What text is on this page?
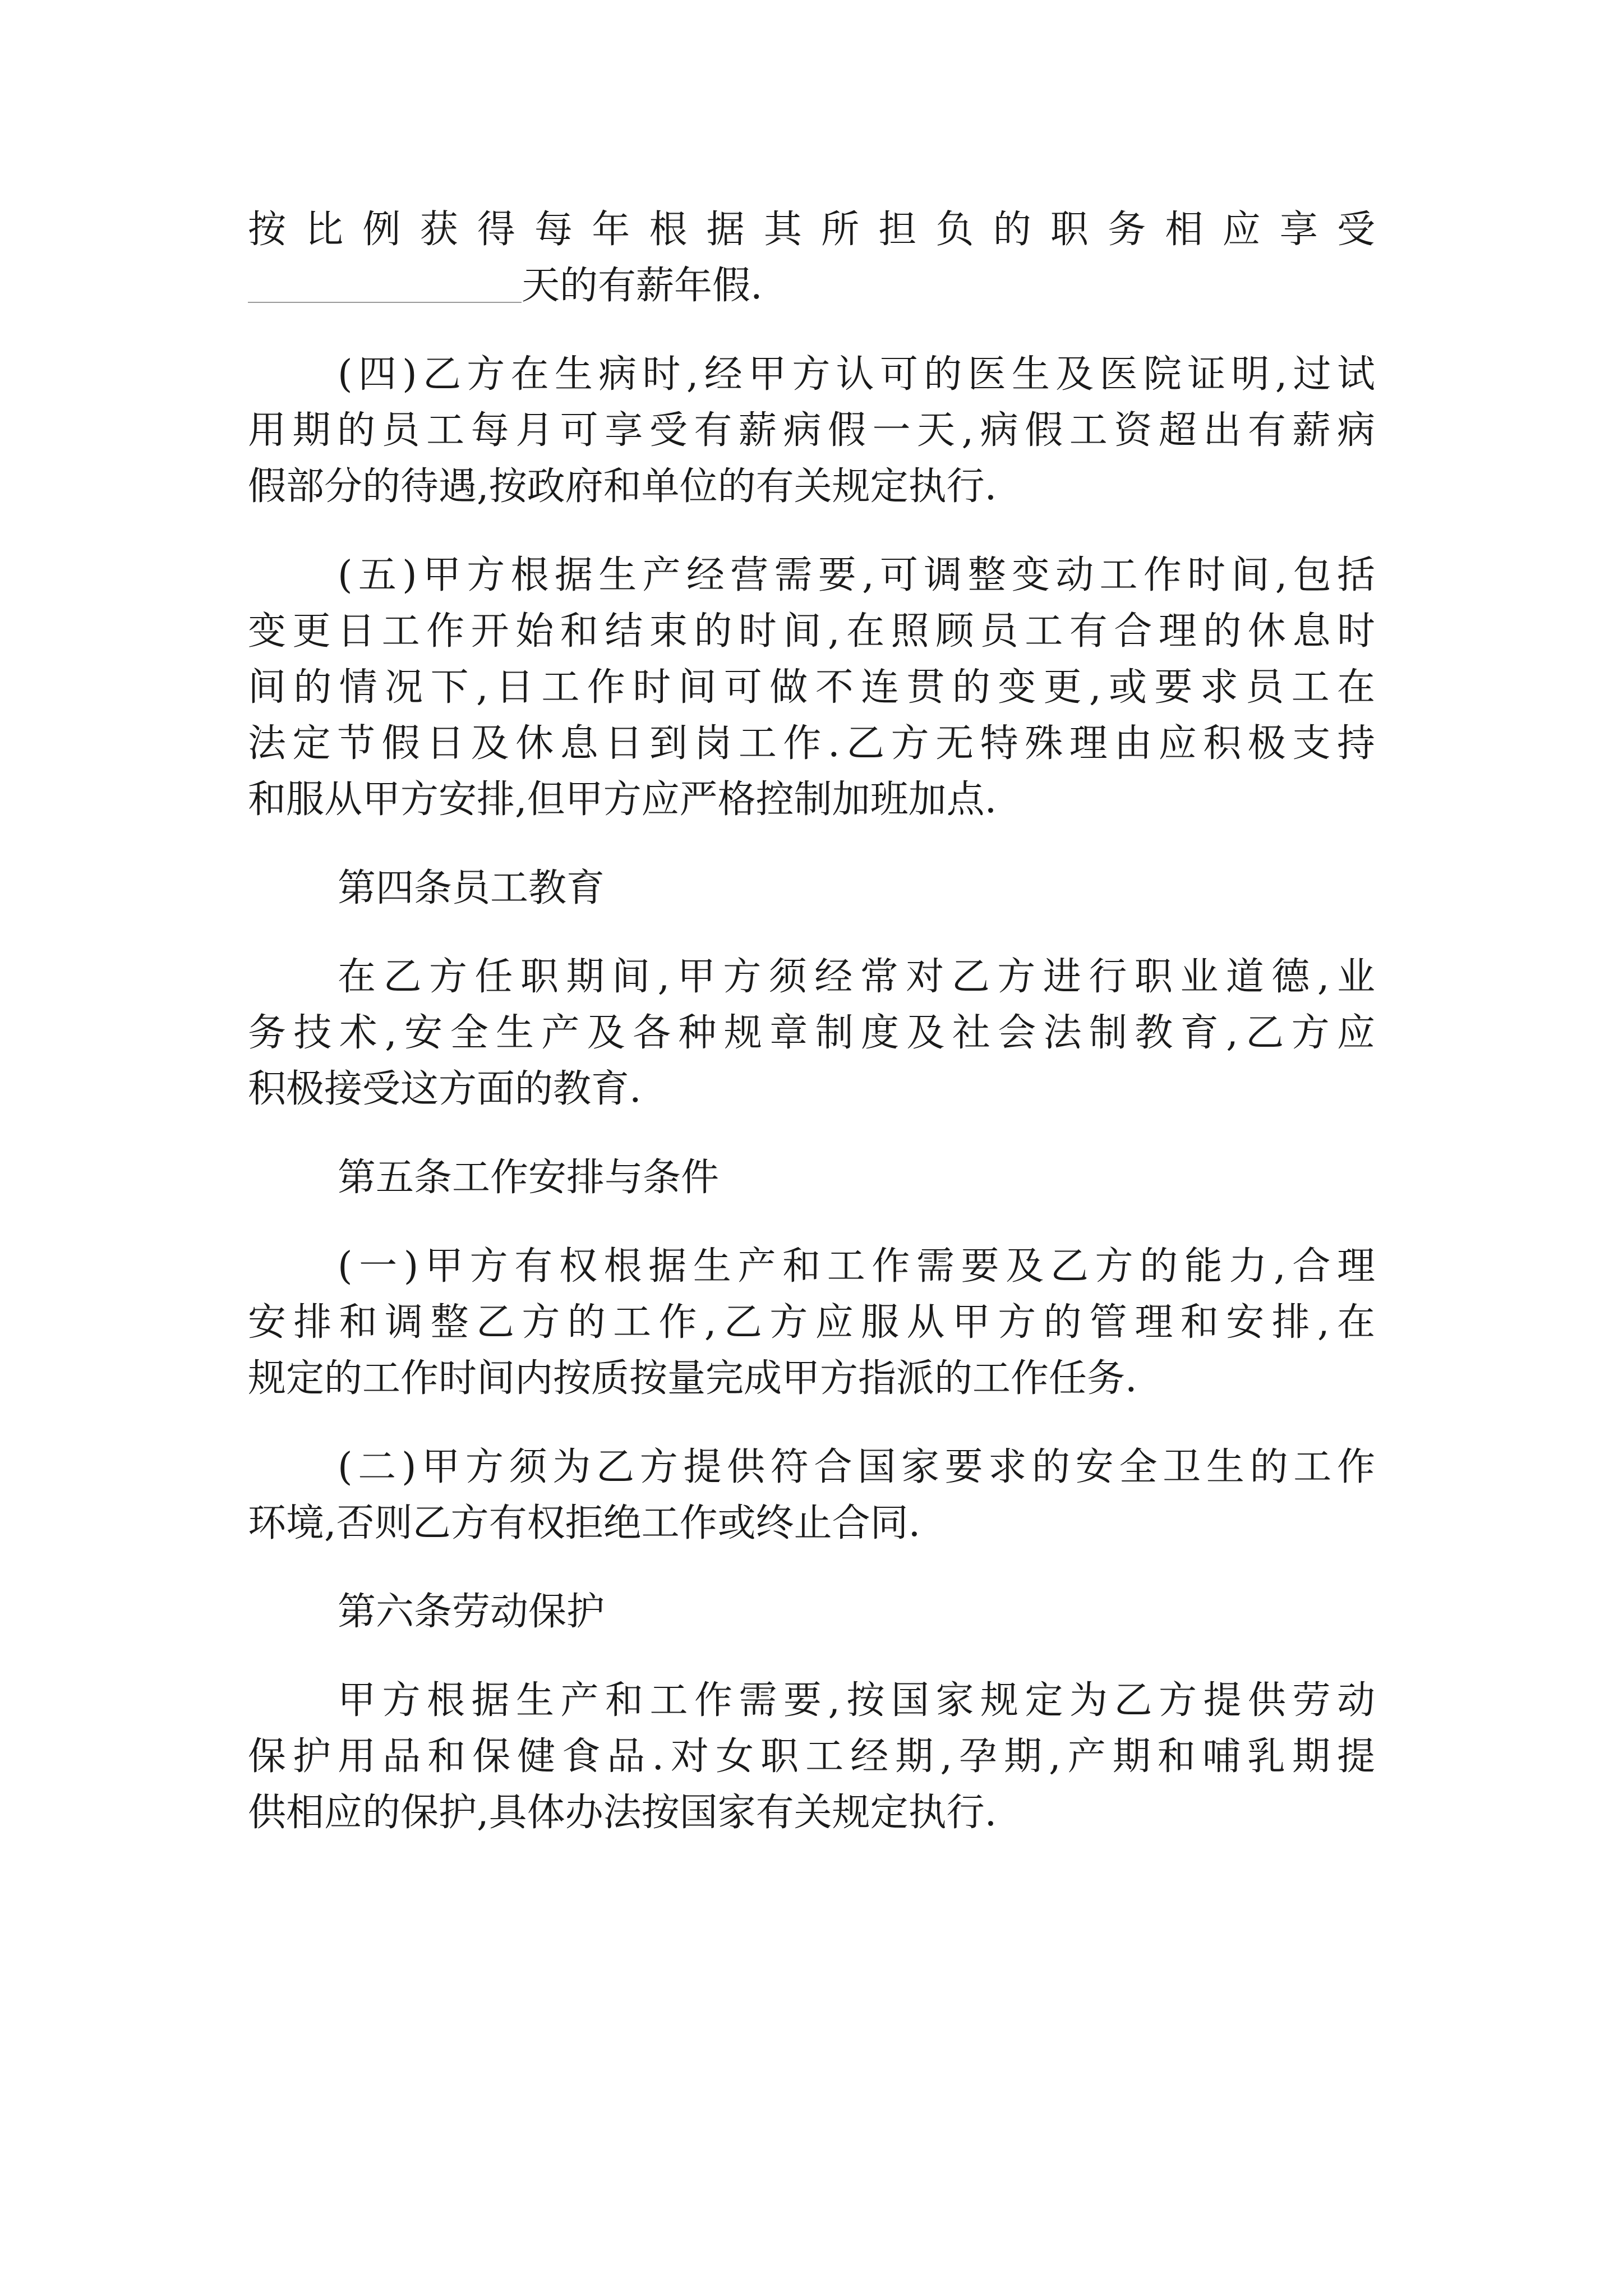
按比例获得每年根据其所担负的职务相应享受
天的有薪年假.
(四)乙方在生病时,经甲方认可的医生及医院证明,过试
用期的员工每月可享受有薪病假一天,病假工资超出有薪病
假部分的待遇,按政府和单位的有关规定执行.
(五)甲方根据生产经营需要,可调整变动工作时间,包括
变更日工作开始和结束的时间,在照顾员工有合理的休息时
间的情况下,日工作时间可做不连贯的变更,或要求员工在
法定节假日及休息日到岗工作.乙方无特殊理由应积极支持
和服从甲方安排,但甲方应严格控制加班加点.
第四条员工教育
在乙方任职期间,甲方须经常对乙方进行职业道德,业
务技术,安全生产及各种规章制度及社会法制教育,乙方应
积极接受这方面的教育.
第五条工作安排与条件
(一)甲方有权根据生产和工作需要及乙方的能力,合理
安排和调整乙方的工作,乙方应服从甲方的管理和安排,在
规定的工作时间内按质按量完成甲方指派的工作任务.
(二)甲方须为乙方提供符合国家要求的安全卫生的工作
环境,否则乙方有权拒绝工作或终止合同.
第六条劳动保护
甲方根据生产和工作需要,按国家规定为乙方提供劳动
保护用品和保健食品.对女职工经期,孕期,产期和哺乳期提
供相应的保护,具体办法按国家有关规定执行.
